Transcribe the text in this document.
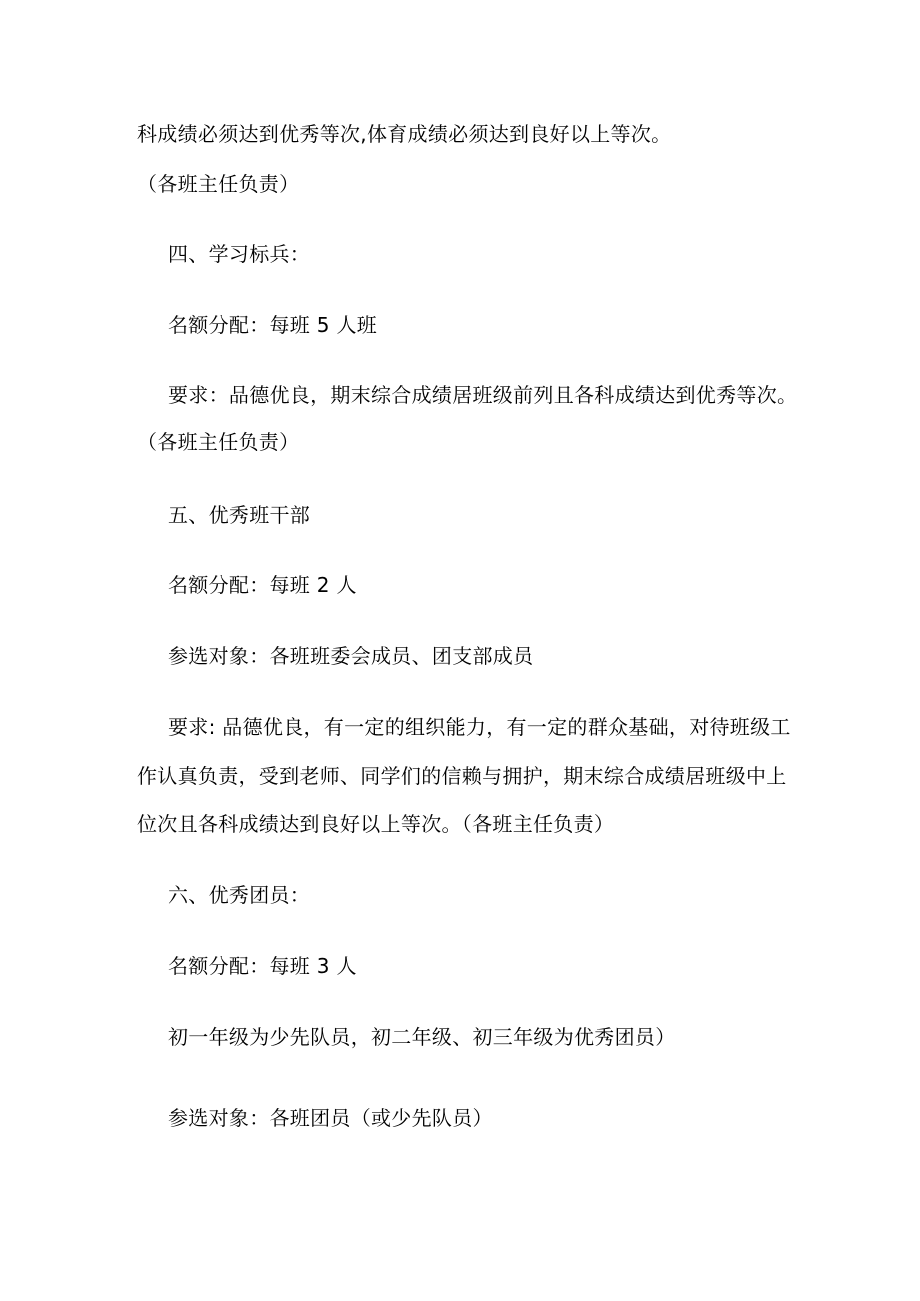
科成绩必须达到优秀等次,体育成绩必须达到良好以上等次。
（各班主任负责）
四、学习标兵：
名额分配：每班 5 人班
要求：品德优良，期末综合成绩居班级前列且各科成绩达到优秀等次。
（各班主任负责）
五、优秀班干部
名额分配：每班 2 人
参选对象：各班班委会成员、团支部成员
要求: 品德优良，有一定的组织能力，有一定的群众基础，对待班级工
作认真负责，受到老师、同学们的信赖与拥护，期末综合成绩居班级中上
位次且各科成绩达到良好以上等次。（各班主任负责）
六、优秀团员：
名额分配：每班 3 人
初一年级为少先队员，初二年级、初三年级为优秀团员）
参选对象：各班团员（或少先队员）
